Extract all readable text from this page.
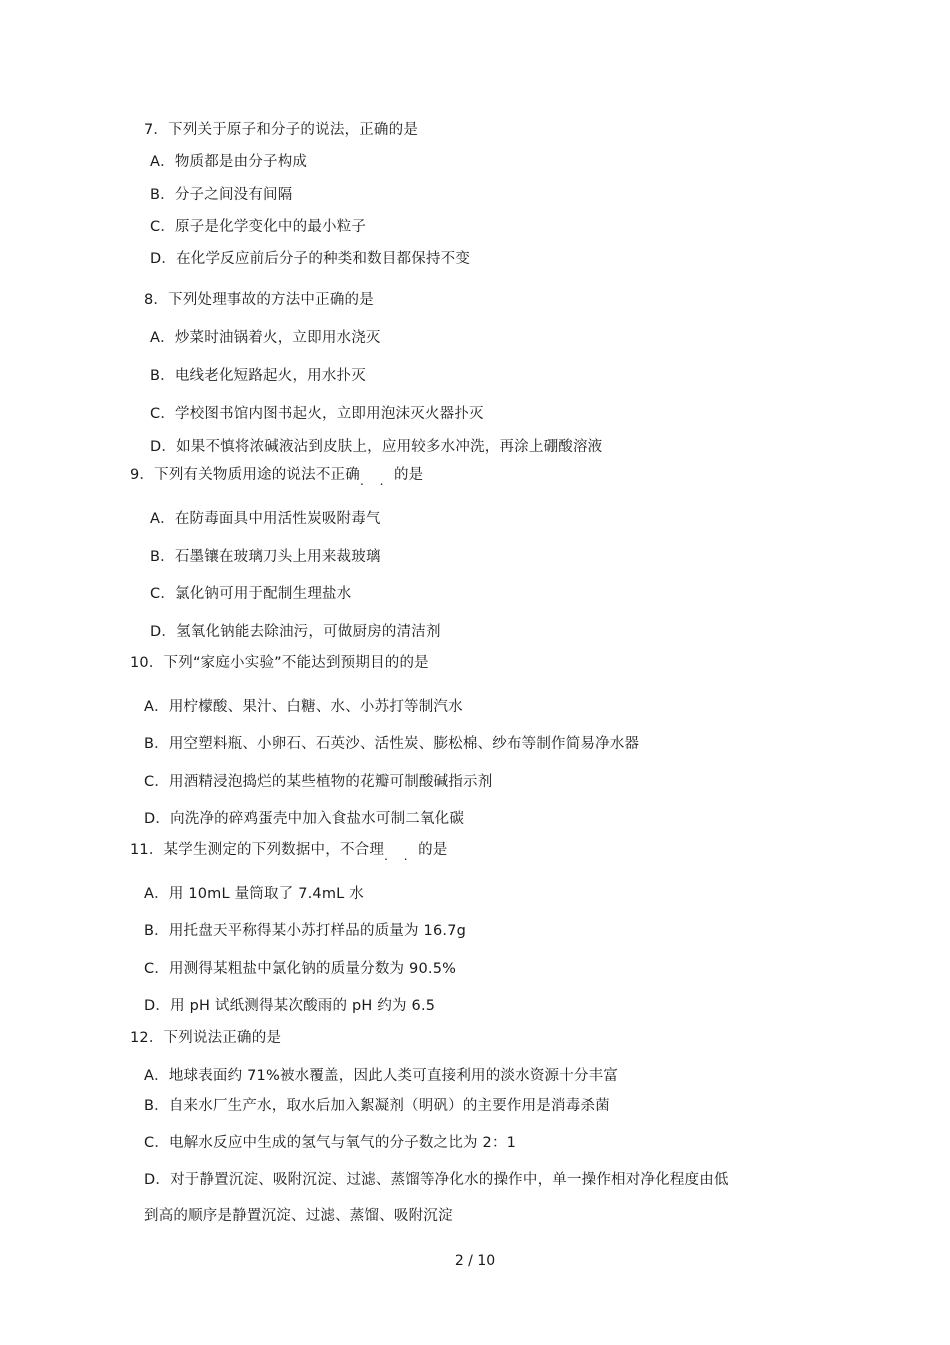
7．下列关于原子和分子的说法，正确的是
A．物质都是由分子构成
B．分子之间没有间隔
C．原子是化学变化中的最小粒子
D．在化学反应前后分子的种类和数目都保持不变
8．下列处理事故的方法中正确的是
A．炒菜时油锅着火，立即用水浇灭
B．电线老化短路起火，用水扑灭
C．学校图书馆内图书起火，立即用泡沫灭火器扑灭
D．如果不慎将浓碱液沾到皮肤上，应用较多水冲洗，再涂上硼酸溶液
9．下列有关物质用途的说法不正确. . 的是
A．在防毒面具中用活性炭吸附毒气
B．石墨镶在玻璃刀头上用来裁玻璃
C．氯化钠可用于配制生理盐水
D．氢氧化钠能去除油污，可做厨房的清洁剂
10．下列“家庭小实验”不能达到预期目的的是
A．用柠檬酸、果汁、白糖、水、小苏打等制汽水
B．用空塑料瓶、小卵石、石英沙、活性炭、膨松棉、纱布等制作简易净水器
C．用酒精浸泡捣烂的某些植物的花瓣可制酸碱指示剂
D．向洗净的碎鸡蛋壳中加入食盐水可制二氧化碳
11．某学生测定的下列数据中，不合理. . 的是
A．用 10mL 量筒取了 7.4mL 水
B．用托盘天平称得某小苏打样品的质量为 16.7g
C．用测得某粗盐中氯化钠的质量分数为 90.5%
D．用 pH 试纸测得某次酸雨的 pH 约为 6.5
12．下列说法正确的是
A．地球表面约 71%被水覆盖，因此人类可直接利用的淡水资源十分丰富
B．自来水厂生产水，取水后加入絮凝剂（明矾）的主要作用是消毒杀菌
C．电解水反应中生成的氢气与氧气的分子数之比为 2：1
D．对于静置沉淀、吸附沉淀、过滤、蒸馏等净化水的操作中，单一操作相对净化程度由低
到高的顺序是静置沉淀、过滤、蒸馏、吸附沉淀
2 / 10
